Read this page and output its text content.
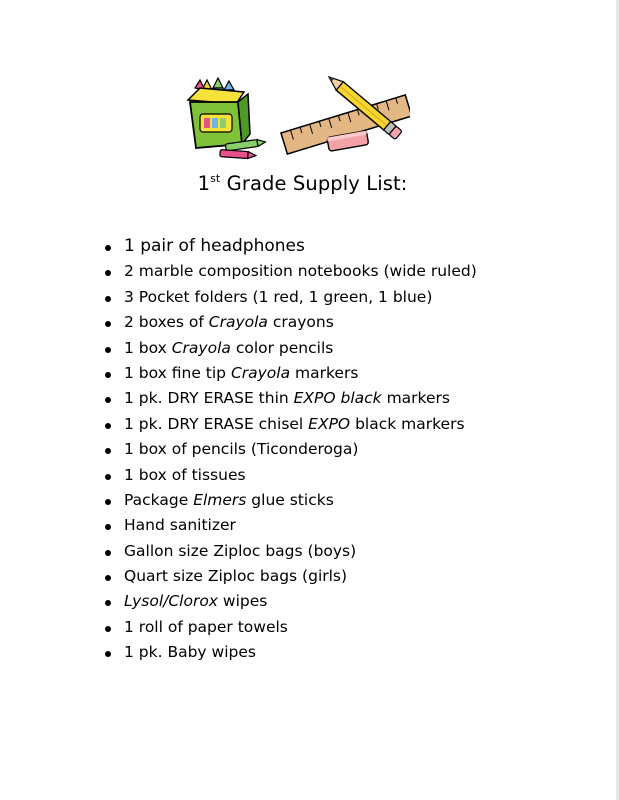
1st Grade Supply List:
1 pair of headphones
2 marble composition notebooks (wide ruled)
3 Pocket folders (1 red, 1 green, 1 blue)
2 boxes of Crayola crayons
1 box Crayola color pencils
1 box fine tip Crayola markers
1 pk. DRY ERASE thin EXPO black markers
1 pk. DRY ERASE chisel EXPO black markers
1 box of pencils (Ticonderoga)
1 box of tissues
Package Elmers glue sticks
Hand sanitizer
Gallon size Ziploc bags (boys)
Quart size Ziploc bags (girls)
Lysol/Clorox wipes
1 roll of paper towels
1 pk. Baby wipes
